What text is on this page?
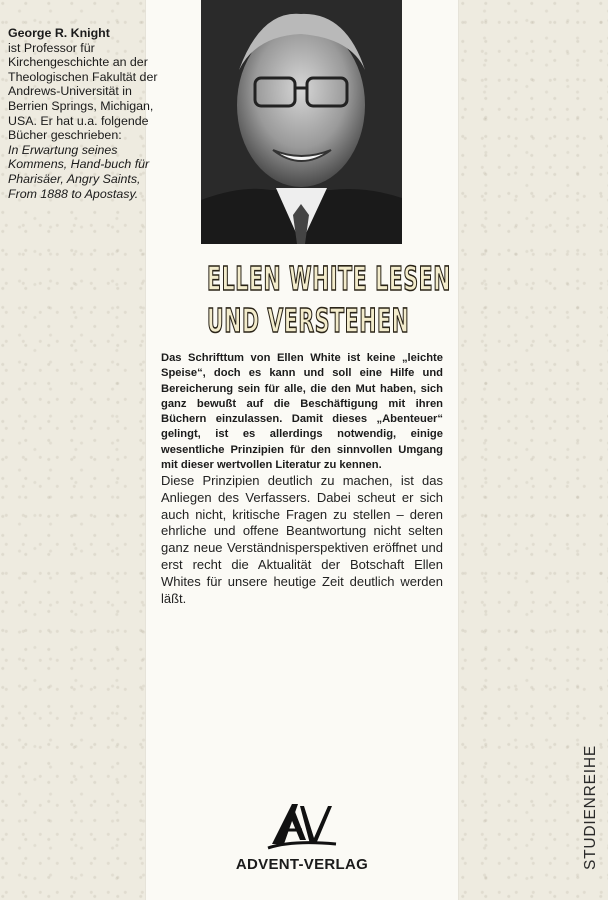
George R. Knight
ist Professor für Kirchengeschichte an der Theologischen Fakultät der Andrews-Universität in Berrien Springs, Michigan, USA. Er hat u.a. folgende Bücher geschrieben:
In Erwartung seines Kommens, Hand-buch für Pharisäer, Angry Saints, From 1888 to Apostasy.
ELLEN WHITE LESEN
UND VERSTEHEN
Das Schrifttum von Ellen White ist keine „leichte Speise“, doch es kann und soll eine Hilfe und Bereicherung sein für alle, die den Mut haben, sich ganz bewußt auf die Beschäftigung mit ihren Büchern einzulassen. Damit dieses „Abenteuer“ gelingt, ist es allerdings notwendig, einige wesentliche Prinzipien für den sinnvollen Umgang mit dieser wertvollen Literatur zu kennen.
Diese Prinzipien deutlich zu machen, ist das Anliegen des Verfassers. Dabei scheut er sich auch nicht, kritische Fragen zu stellen – deren ehrliche und offene Beantwortung nicht selten ganz neue Verständnisperspektiven eröffnet und erst recht die Aktualität der Botschaft Ellen Whites für unsere heutige Zeit deutlich werden läßt.
AV
ADVENT-VERLAG	STUDIENREIHE
